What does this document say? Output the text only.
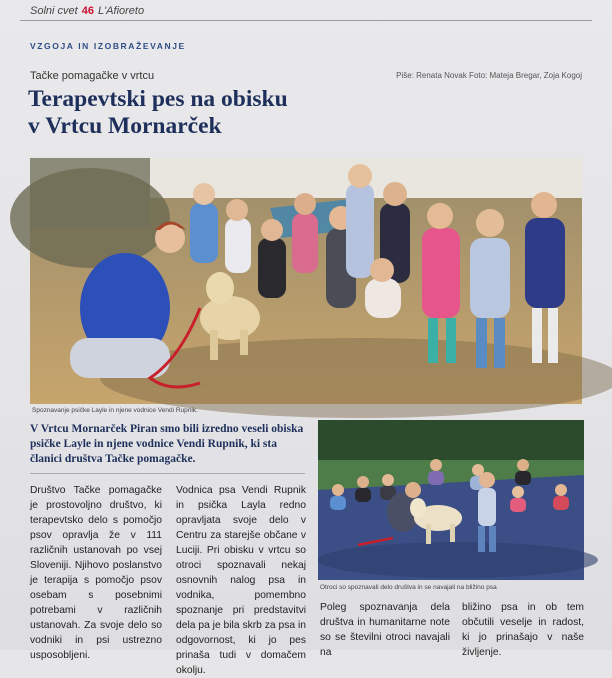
Solni cvet 46 L'Afioreto
VZGOJA IN IZOBRAŽEVANJE
Tačke pomagačke v vrtcu	Piše: Renata Novak Foto: Mateja Bregar, Zoja Kogoj
Terapevtski pes na obisku
v Vrtcu Mornarček
Spoznavanje psičke Layle in njene vodnice Vendi Rupnik.
V Vrtcu Mornarček Piran smo bili izredno veseli obiska psičke Layle in njene vodnice Vendi Rupnik, ki sta članici društva Tačke pomagačke.
Društvo Tačke pomagačke je prostovoljno društvo, ki terapevtsko delo s pomočjo psov opravlja že v 111 različnih ustanovah po vsej Sloveniji. Njihovo poslanstvo je terapija s pomočjo psov osebam s posebnimi potrebami v različnih ustanovah. Za svoje delo so vodniki in psi ustrezno usposobljeni.
Vodnica psa Vendi Rupnik in psička Layla redno opravljata svoje delo v Centru za starejše občane v Luciji. Pri obisku v vrtcu so otroci spoznavali nekaj osnovnih nalog psa in vodnika, pomembno spoznanje pri predstavitvi dela pa je bila skrb za psa in odgovornost, ki jo pes prinaša tudi v domačem okolju.
Otroci so spoznavali delo društva in se navajali na bližino psa
Poleg spoznavanja dela društva in humanitarne note so se številni otroci navajali na
bližino psa in ob tem občutili veselje in radost, ki jo prinašajo v naše življenje.
